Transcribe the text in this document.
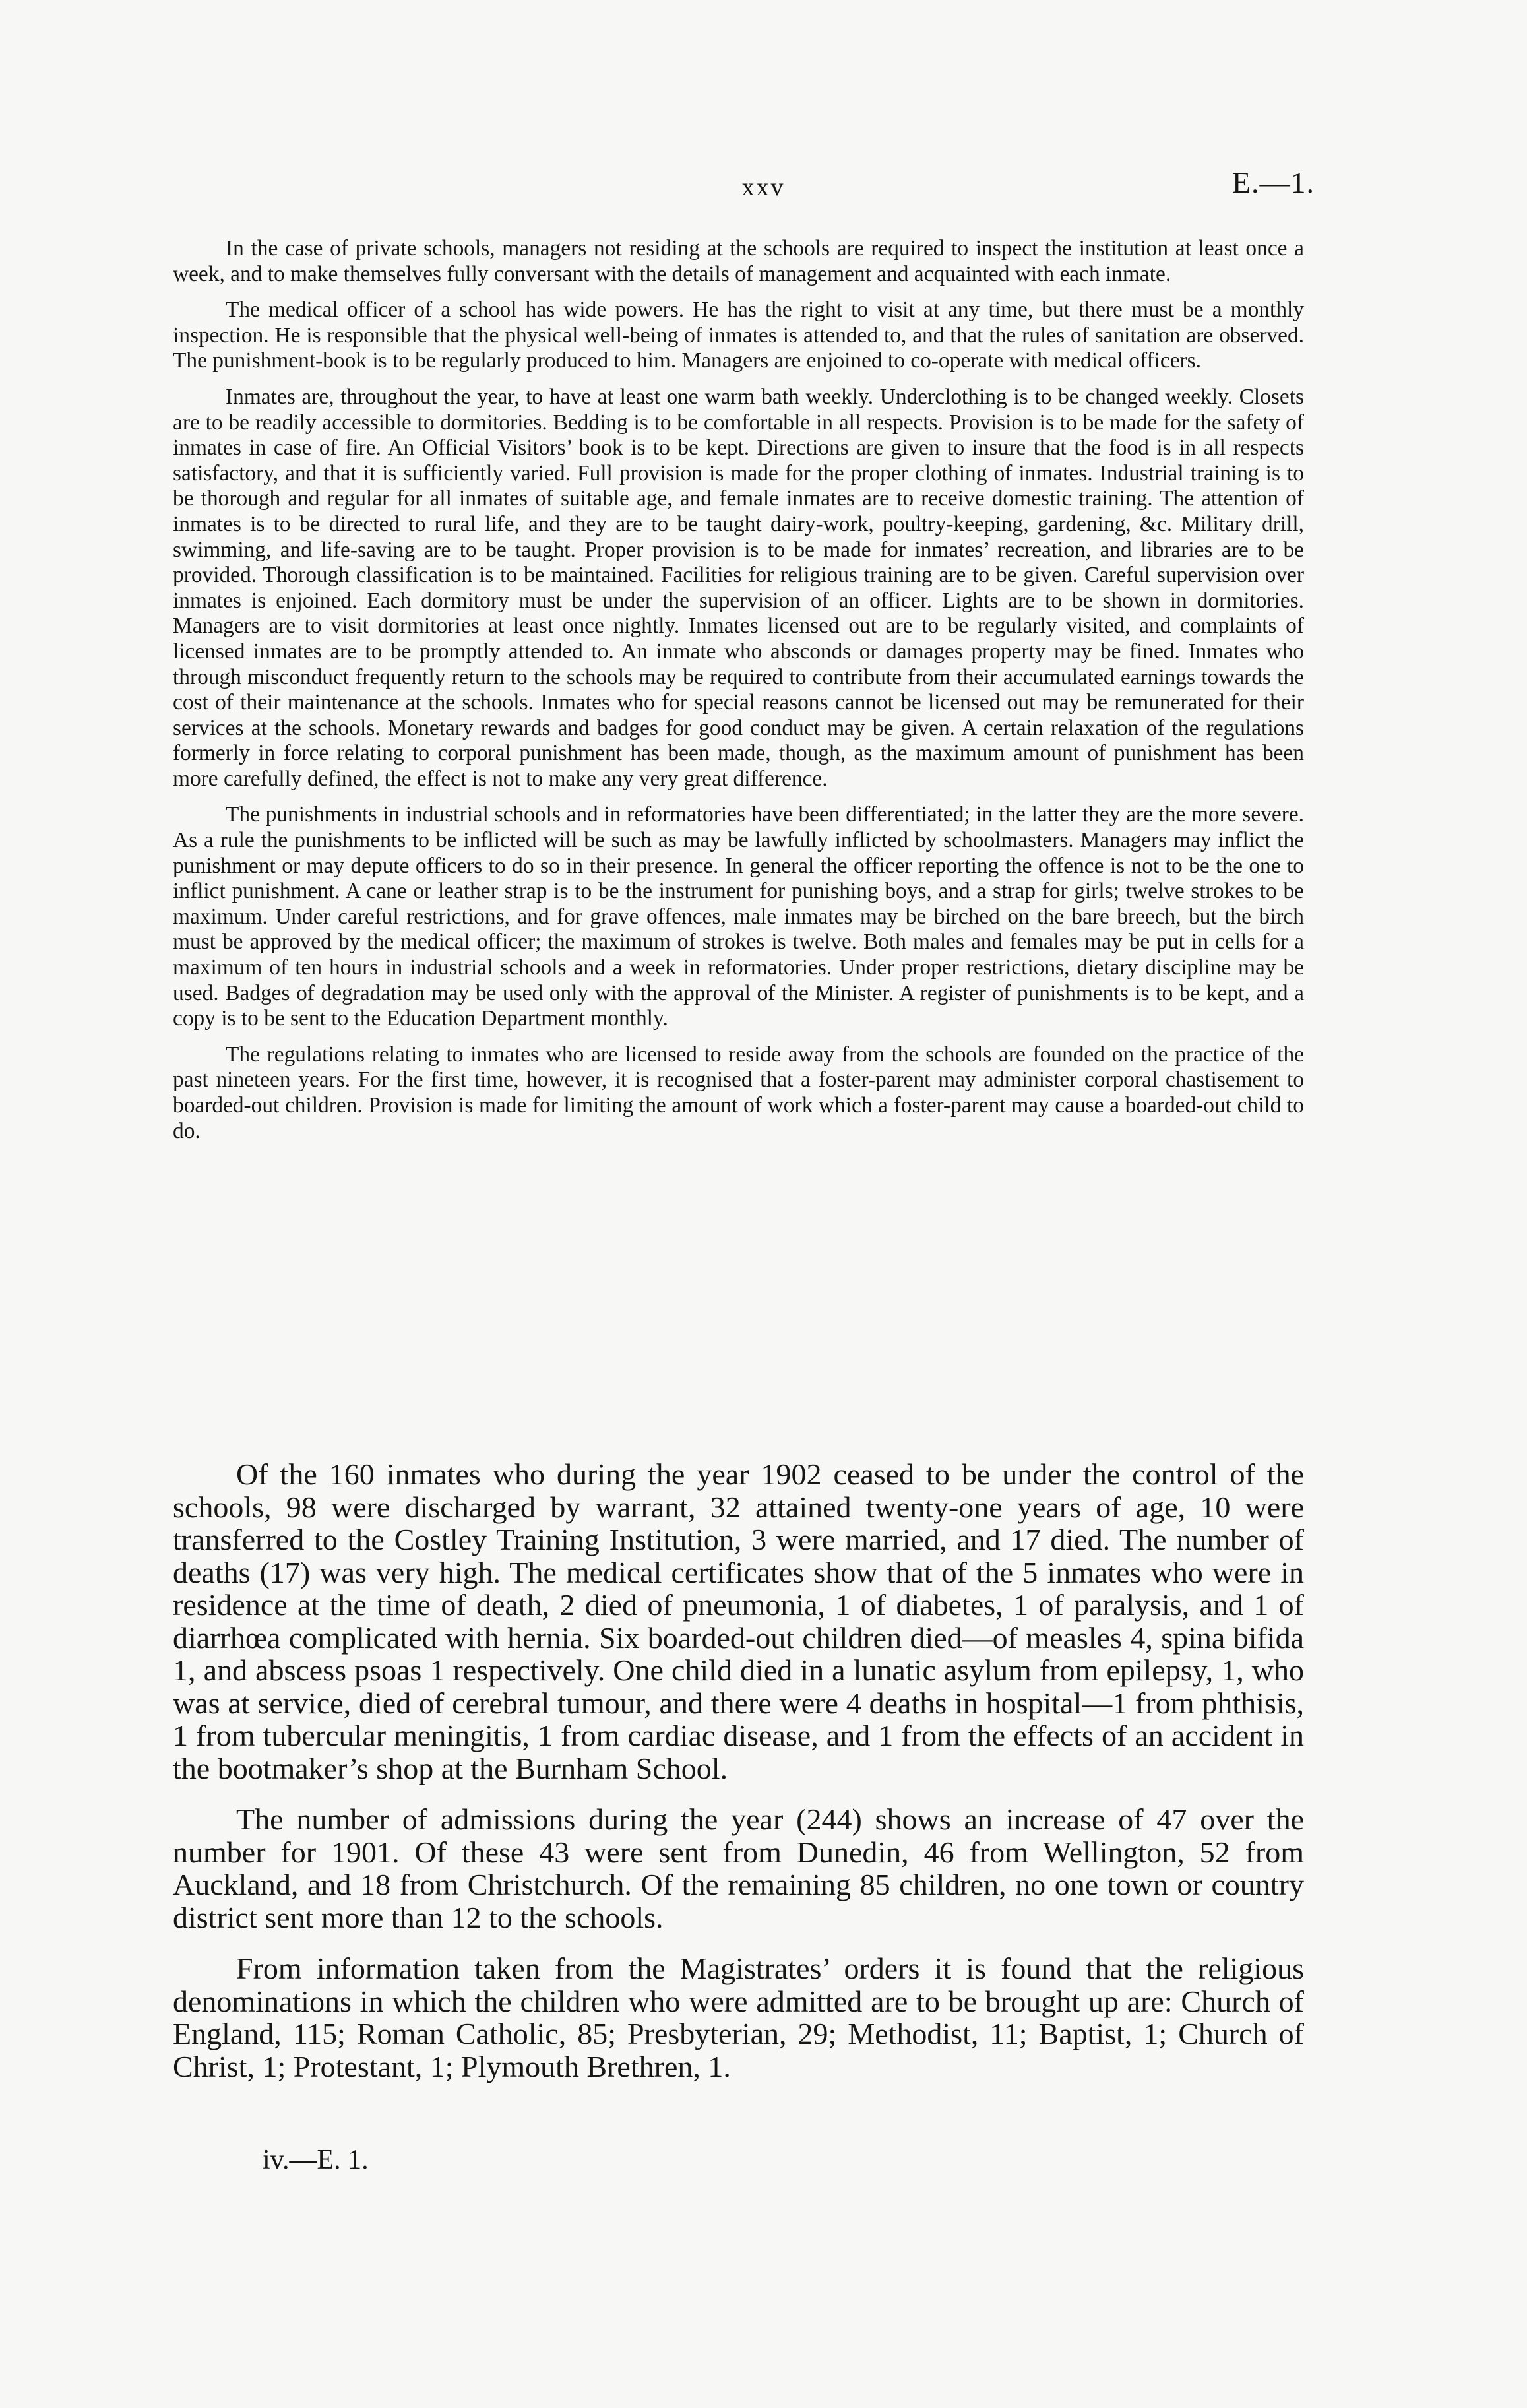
xxv	E.—1.

In the case of private schools, managers not residing at the schools are required to inspect the institution at least once a week, and to make themselves fully conversant with the details of management and acquainted with each inmate.

The medical officer of a school has wide powers. He has the right to visit at any time, but there must be a monthly inspection. He is responsible that the physical well-being of inmates is attended to, and that the rules of sanitation are observed. The punishment-book is to be regularly produced to him. Managers are enjoined to co-operate with medical officers.

Inmates are, throughout the year, to have at least one warm bath weekly. Underclothing is to be changed weekly. Closets are to be readily accessible to dormitories. Bedding is to be comfortable in all respects. Provision is to be made for the safety of inmates in case of fire. An Official Visitors’ book is to be kept. Directions are given to insure that the food is in all respects satisfactory, and that it is sufficiently varied. Full provision is made for the proper clothing of inmates. Industrial training is to be thorough and regular for all inmates of suitable age, and female inmates are to receive domestic training. The attention of inmates is to be directed to rural life, and they are to be taught dairy-work, poultry-keeping, gardening, &c. Military drill, swimming, and life-saving are to be taught. Proper provision is to be made for inmates’ recreation, and libraries are to be provided. Thorough classification is to be maintained. Facilities for religious training are to be given. Careful supervision over inmates is enjoined. Each dormitory must be under the supervision of an officer. Lights are to be shown in dormitories. Managers are to visit dormitories at least once nightly. Inmates licensed out are to be regularly visited, and complaints of licensed inmates are to be promptly attended to. An inmate who absconds or damages property may be fined. Inmates who through misconduct frequently return to the schools may be required to contribute from their accumulated earnings towards the cost of their maintenance at the schools. Inmates who for special reasons cannot be licensed out may be remunerated for their services at the schools. Monetary rewards and badges for good conduct may be given. A certain relaxation of the regulations formerly in force relating to corporal punishment has been made, though, as the maximum amount of punishment has been more carefully defined, the effect is not to make any very great difference.

The punishments in industrial schools and in reformatories have been differentiated; in the latter they are the more severe. As a rule the punishments to be inflicted will be such as may be lawfully inflicted by schoolmasters. Managers may inflict the punishment or may depute officers to do so in their presence. In general the officer reporting the offence is not to be the one to inflict punishment. A cane or leather strap is to be the instrument for punishing boys, and a strap for girls; twelve strokes to be maximum. Under careful restrictions, and for grave offences, male inmates may be birched on the bare breech, but the birch must be approved by the medical officer; the maximum of strokes is twelve. Both males and females may be put in cells for a maximum of ten hours in industrial schools and a week in reformatories. Under proper restrictions, dietary discipline may be used. Badges of degradation may be used only with the approval of the Minister. A register of punishments is to be kept, and a copy is to be sent to the Education Department monthly.

The regulations relating to inmates who are licensed to reside away from the schools are founded on the practice of the past nineteen years. For the first time, however, it is recognised that a foster-parent may administer corporal chastisement to boarded-out children. Provision is made for limiting the amount of work which a foster-parent may cause a boarded-out child to do.

Of the 160 inmates who during the year 1902 ceased to be under the control of the schools, 98 were discharged by warrant, 32 attained twenty-one years of age, 10 were transferred to the Costley Training Institution, 3 were married, and 17 died. The number of deaths (17) was very high. The medical certificates show that of the 5 inmates who were in residence at the time of death, 2 died of pneumonia, 1 of diabetes, 1 of paralysis, and 1 of diarrhœa complicated with hernia. Six boarded-out children died—of measles 4, spina bifida 1, and abscess psoas 1 respectively. One child died in a lunatic asylum from epilepsy, 1, who was at service, died of cerebral tumour, and there were 4 deaths in hospital—1 from phthisis, 1 from tubercular meningitis, 1 from cardiac disease, and 1 from the effects of an accident in the bootmaker’s shop at the Burnham School.

The number of admissions during the year (244) shows an increase of 47 over the number for 1901. Of these 43 were sent from Dunedin, 46 from Wellington, 52 from Auckland, and 18 from Christchurch. Of the remaining 85 children, no one town or country district sent more than 12 to the schools.

From information taken from the Magistrates’ orders it is found that the religious denominations in which the children who were admitted are to be brought up are: Church of England, 115; Roman Catholic, 85; Presbyterian, 29; Methodist, 11; Baptist, 1; Church of Christ, 1; Protestant, 1; Plymouth Brethren, 1.

iv.—E. 1.
